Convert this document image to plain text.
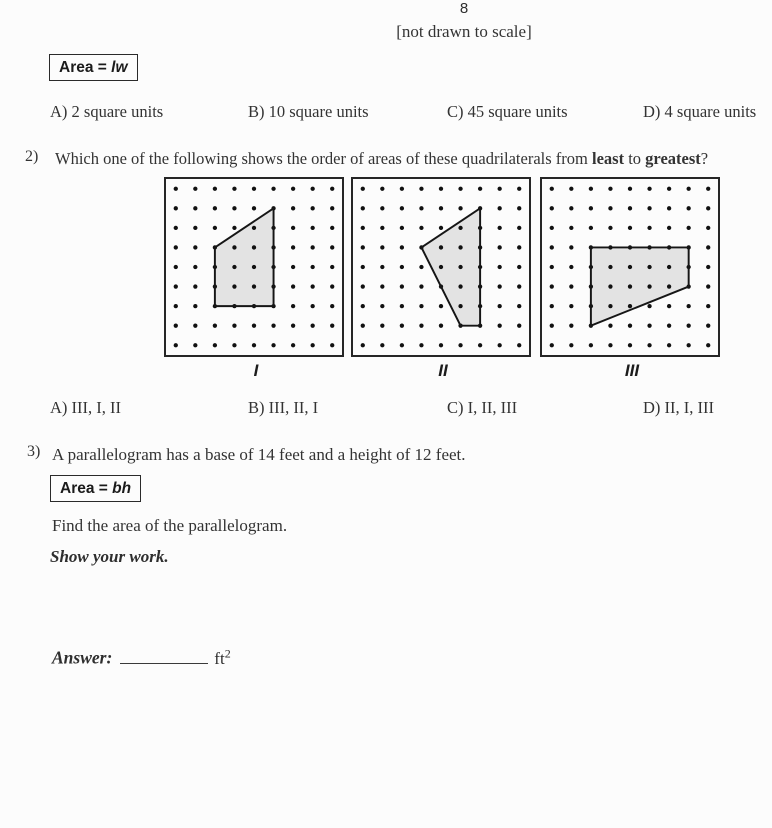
8
[not drawn to scale]
Area = lw
A) 2 square units	B) 10 square units	C) 45 square units	D) 4 square units
2) Which one of the following shows the order of areas of these quadrilaterals from least to greatest?
I	II	III
A) III, I, II	B) III, II, I	C) I, II, III	D) II, I, III
3) A parallelogram has a base of 14 feet and a height of 12 feet.
Area = bh
Find the area of the parallelogram.
Show your work.
Answer:	$ft^2$
